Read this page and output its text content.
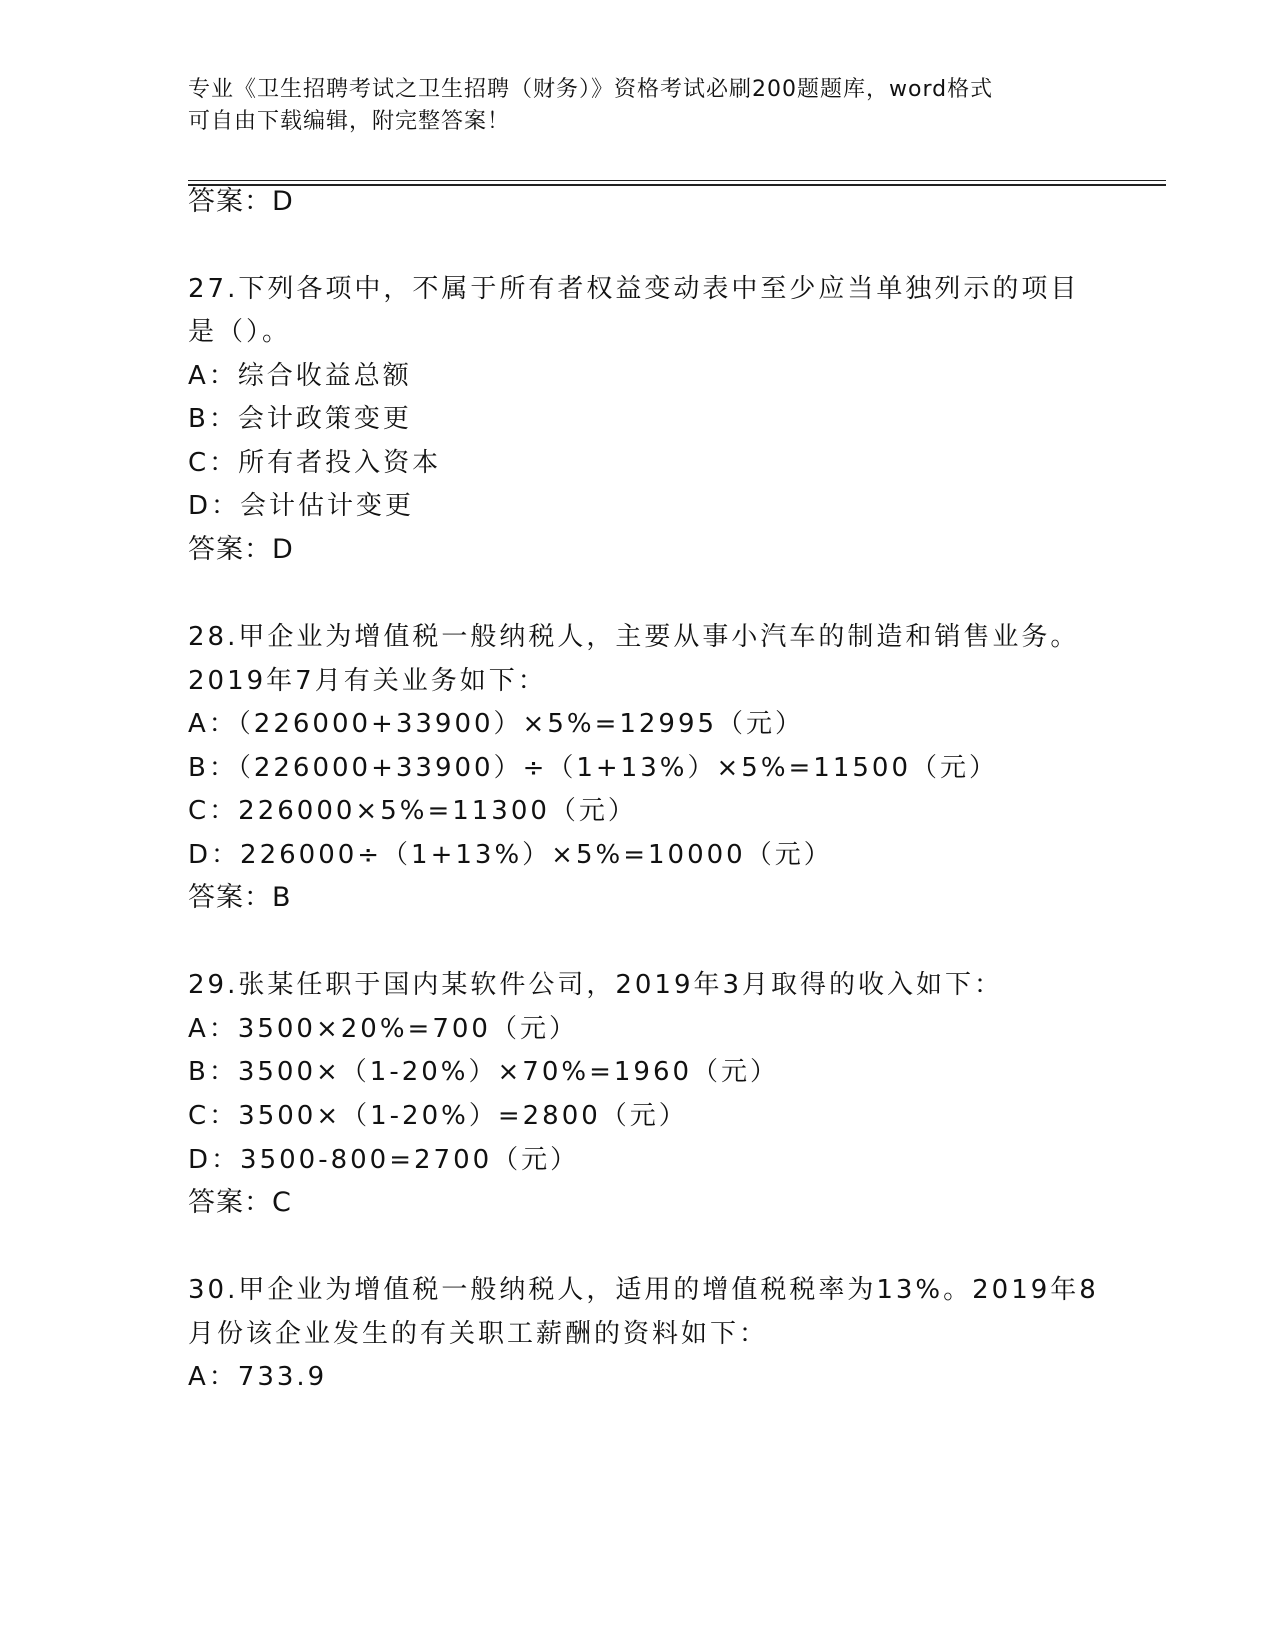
专业《卫生招聘考试之卫生招聘（财务）》资格考试必刷200题题库，word格式
可自由下载编辑，附完整答案！
答案：D
27.下列各项中，不属于所有者权益变动表中至少应当单独列示的项目
是（）。
A：综合收益总额
B：会计政策变更
C：所有者投入资本
D：会计估计变更
答案：D
28.甲企业为增值税一般纳税人，主要从事小汽车的制造和销售业务。
2019年7月有关业务如下：
A：（226000+33900）×5%=12995（元）
B：（226000+33900）÷（1+13%）×5%=11500（元）
C：226000×5%=11300（元）
D：226000÷（1+13%）×5%=10000（元）
答案：B
29.张某任职于国内某软件公司，2019年3月取得的收入如下：
A：3500×20%=700（元）
B：3500×（1-20%）×70%=1960（元）
C：3500×（1-20%）=2800（元）
D：3500-800=2700（元）
答案：C
30.甲企业为增值税一般纳税人，适用的增值税税率为13%。2019年8
月份该企业发生的有关职工薪酬的资料如下：
A：733.9
